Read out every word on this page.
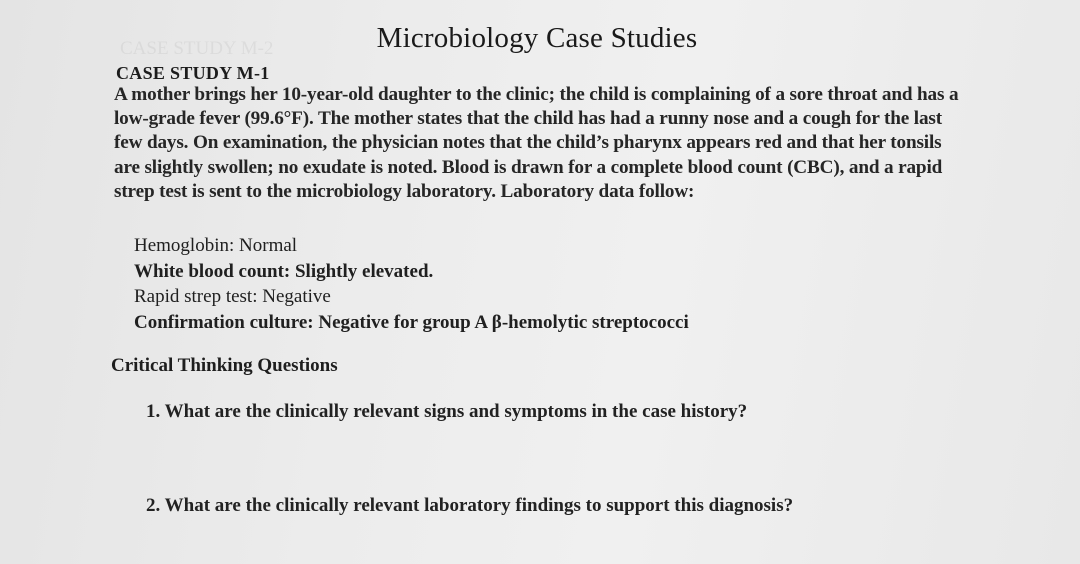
CASE STUDY M-2	Microbiology Case Studies
CASE STUDY M-1
A mother brings her 10-year-old daughter to the clinic; the child is complaining of a sore throat and has a low-grade fever (99.6°F). The mother states that the child has had a runny nose and a cough for the last few days. On examination, the physician notes that the child’s pharynx appears red and that her tonsils are slightly swollen; no exudate is noted. Blood is drawn for a complete blood count (CBC), and a rapid strep test is sent to the microbiology laboratory. Laboratory data follow:
Hemoglobin: Normal
White blood count: Slightly elevated.
Rapid strep test: Negative
Confirmation culture: Negative for group A β-hemolytic streptococci
Critical Thinking Questions
1. What are the clinically relevant signs and symptoms in the case history?
2. What are the clinically relevant laboratory findings to support this diagnosis?
